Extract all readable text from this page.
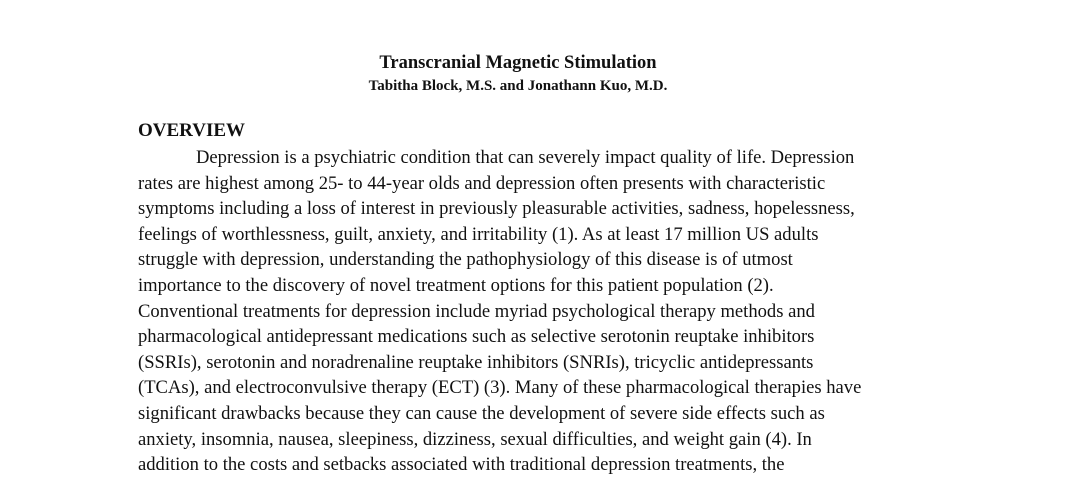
Transcranial Magnetic Stimulation
Tabitha Block, M.S. and Jonathann Kuo, M.D.
OVERVIEW
Depression is a psychiatric condition that can severely impact quality of life. Depression
rates are highest among 25- to 44-year olds and depression often presents with characteristic
symptoms including a loss of interest in previously pleasurable activities, sadness, hopelessness,
feelings of worthlessness, guilt, anxiety, and irritability (1). As at least 17 million US adults
struggle with depression, understanding the pathophysiology of this disease is of utmost
importance to the discovery of novel treatment options for this patient population (2).
Conventional treatments for depression include myriad psychological therapy methods and
pharmacological antidepressant medications such as selective serotonin reuptake inhibitors
(SSRIs), serotonin and noradrenaline reuptake inhibitors (SNRIs), tricyclic antidepressants
(TCAs), and electroconvulsive therapy (ECT) (3). Many of these pharmacological therapies have
significant drawbacks because they can cause the development of severe side effects such as
anxiety, insomnia, nausea, sleepiness, dizziness, sexual difficulties, and weight gain (4). In
addition to the costs and setbacks associated with traditional depression treatments, the
